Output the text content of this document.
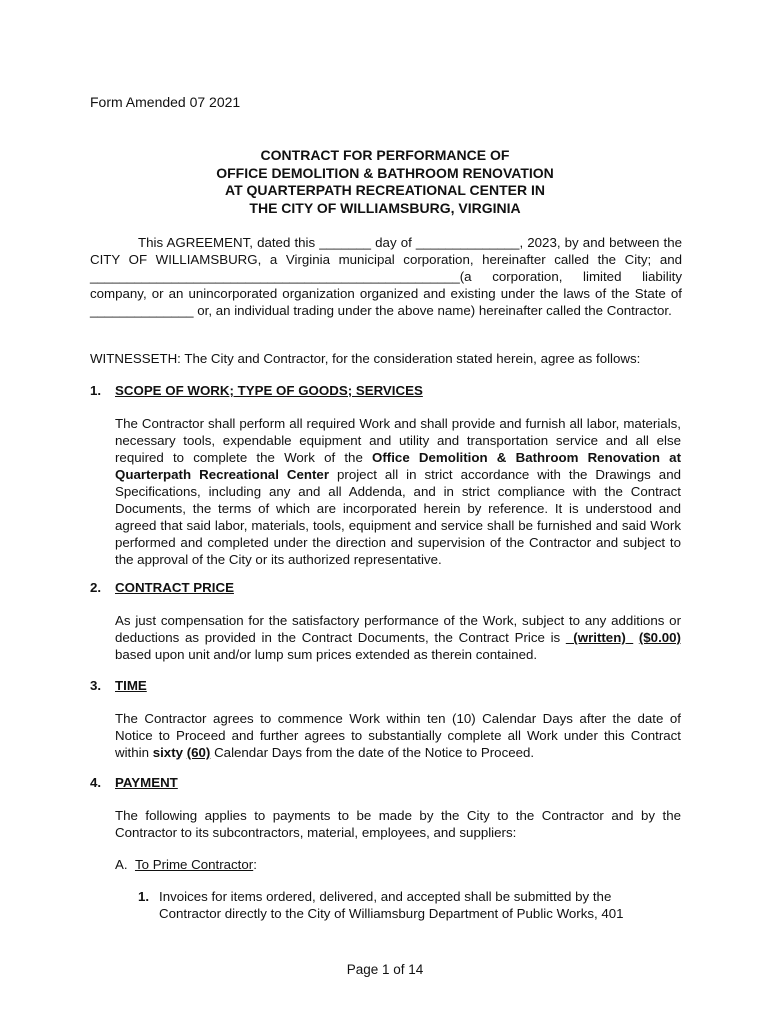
Form Amended 07 2021
CONTRACT FOR PERFORMANCE OF
OFFICE DEMOLITION & BATHROOM RENOVATION
AT QUARTERPATH RECREATIONAL CENTER IN
THE CITY OF WILLIAMSBURG, VIRGINIA
This AGREEMENT, dated this _______ day of ______________, 2023, by and between the CITY OF WILLIAMSBURG, a Virginia municipal corporation, hereinafter called the City; and __________________________________________________(a corporation, limited liability company, or an unincorporated organization organized and existing under the laws of the State of ______________ or, an individual trading under the above name) hereinafter called the Contractor.
WITNESSETH: The City and Contractor, for the consideration stated herein, agree as follows:
1. SCOPE OF WORK; TYPE OF GOODS; SERVICES
The Contractor shall perform all required Work and shall provide and furnish all labor, materials, necessary tools, expendable equipment and utility and transportation service and all else required to complete the Work of the Office Demolition & Bathroom Renovation at Quarterpath Recreational Center project all in strict accordance with the Drawings and Specifications, including any and all Addenda, and in strict compliance with the Contract Documents, the terms of which are incorporated herein by reference. It is understood and agreed that said labor, materials, tools, equipment and service shall be furnished and said Work performed and completed under the direction and supervision of the Contractor and subject to the approval of the City or its authorized representative.
2. CONTRACT PRICE
As just compensation for the satisfactory performance of the Work, subject to any additions or deductions as provided in the Contract Documents, the Contract Price is _(written)_ ($0.00) based upon unit and/or lump sum prices extended as therein contained.
3. TIME
The Contractor agrees to commence Work within ten (10) Calendar Days after the date of Notice to Proceed and further agrees to substantially complete all Work under this Contract within sixty (60) Calendar Days from the date of the Notice to Proceed.
4. PAYMENT
The following applies to payments to be made by the City to the Contractor and by the Contractor to its subcontractors, material, employees, and suppliers:
A. To Prime Contractor:
1. Invoices for items ordered, delivered, and accepted shall be submitted by the
Contractor directly to the City of Williamsburg Department of Public Works, 401
Page 1 of 14
